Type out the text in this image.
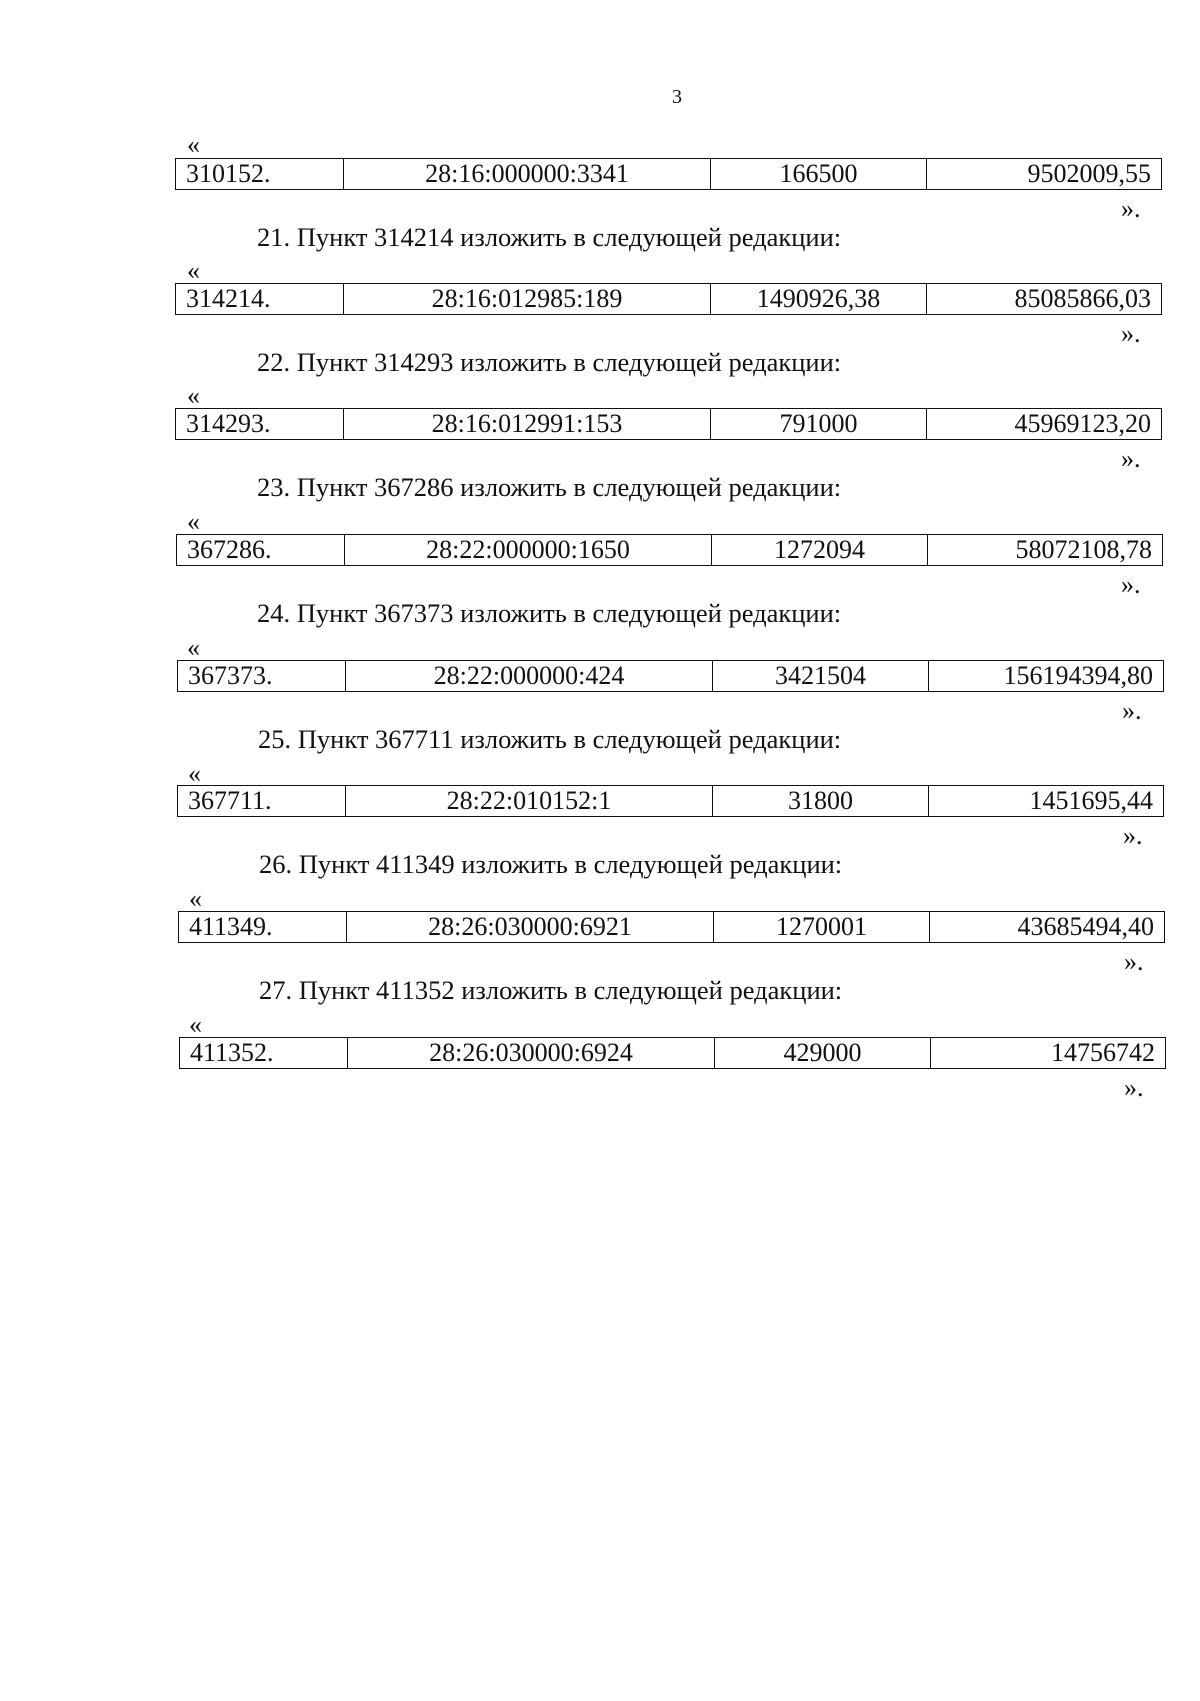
3
«
310152.	28:16:000000:3341	166500	9502009,55
».
21. Пункт 314214 изложить в следующей редакции:
«
314214.	28:16:012985:189	1490926,38	85085866,03
».
22. Пункт 314293 изложить в следующей редакции:
«
314293.	28:16:012991:153	791000	45969123,20
».
23. Пункт 367286 изложить в следующей редакции:
«
367286.	28:22:000000:1650	1272094	58072108,78
».
24. Пункт 367373 изложить в следующей редакции:
«
367373.	28:22:000000:424	3421504	156194394,80
».
25. Пункт 367711 изложить в следующей редакции:
«
367711.	28:22:010152:1	31800	1451695,44
».
26. Пункт 411349 изложить в следующей редакции:
«
411349.	28:26:030000:6921	1270001	43685494,40
».
27. Пункт 411352 изложить в следующей редакции:
«
411352.	28:26:030000:6924	429000	14756742
».
